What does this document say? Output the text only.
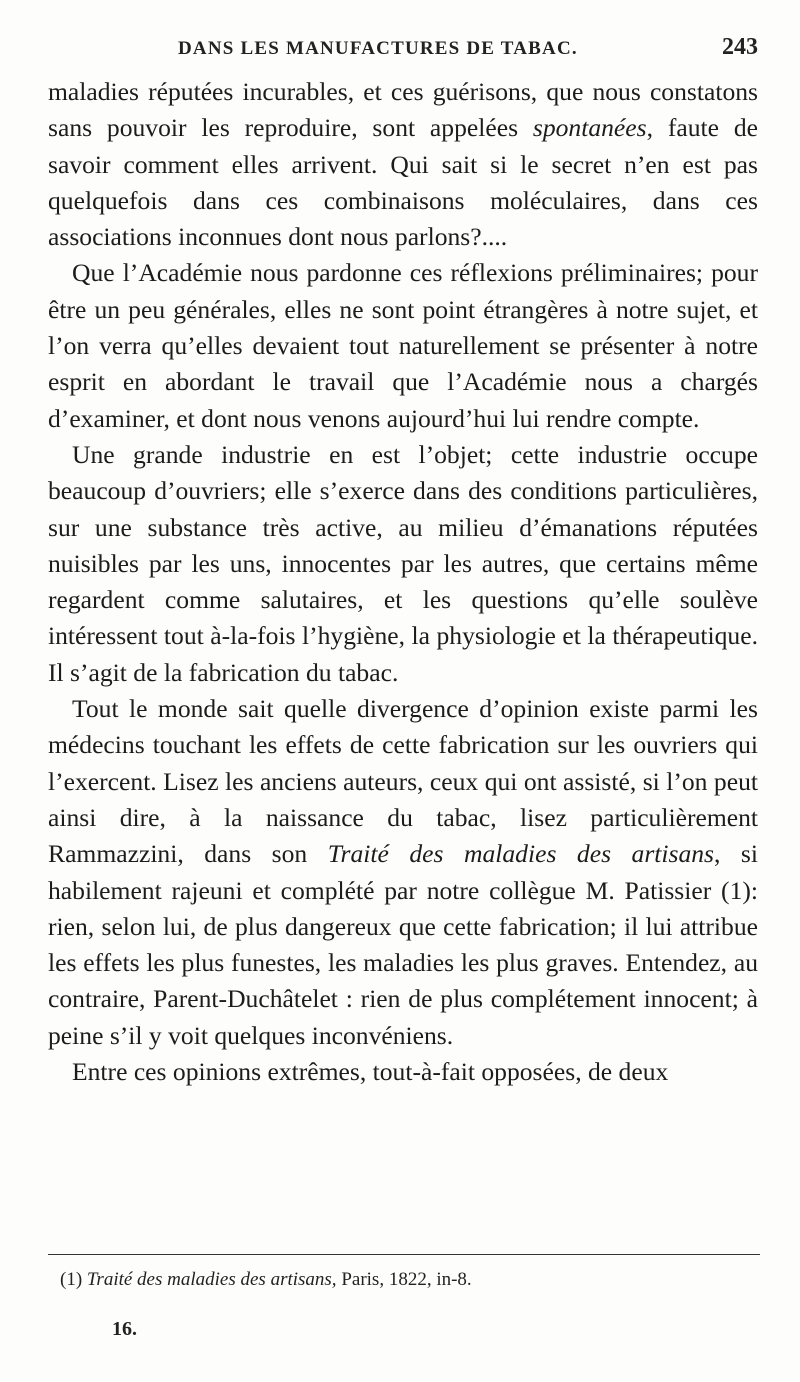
DANS LES MANUFACTURES DE TABAC.	243

maladies réputées incurables, et ces guérisons, que nous constatons sans pouvoir les reproduire, sont appelées spontanées, faute de savoir comment elles arrivent. Qui sait si le secret n’en est pas quelquefois dans ces combinaisons moléculaires, dans ces associations inconnues dont nous parlons?....

Que l’Académie nous pardonne ces réflexions préliminaires; pour être un peu générales, elles ne sont point étrangères à notre sujet, et l’on verra qu’elles devaient tout naturellement se présenter à notre esprit en abordant le travail que l’Académie nous a chargés d’examiner, et dont nous venons aujourd’hui lui rendre compte.

Une grande industrie en est l’objet; cette industrie occupe beaucoup d’ouvriers; elle s’exerce dans des conditions particulières, sur une substance très active, au milieu d’émanations réputées nuisibles par les uns, innocentes par les autres, que certains même regardent comme salutaires, et les questions qu’elle soulève intéressent tout à-la-fois l’hygiène, la physiologie et la thérapeutique. Il s’agit de la fabrication du tabac.

Tout le monde sait quelle divergence d’opinion existe parmi les médecins touchant les effets de cette fabrication sur les ouvriers qui l’exercent. Lisez les anciens auteurs, ceux qui ont assisté, si l’on peut ainsi dire, à la naissance du tabac, lisez particulièrement Rammazzini, dans son Traité des maladies des artisans, si habilement rajeuni et complété par notre collègue M. Patissier (1): rien, selon lui, de plus dangereux que cette fabrication; il lui attribue les effets les plus funestes, les maladies les plus graves. Entendez, au contraire, Parent-Duchâtelet : rien de plus complétement innocent; à peine s’il y voit quelques inconvéniens.

Entre ces opinions extrêmes, tout-à-fait opposées, de deux

(1) Traité des maladies des artisans, Paris, 1822, in-8.
16.
